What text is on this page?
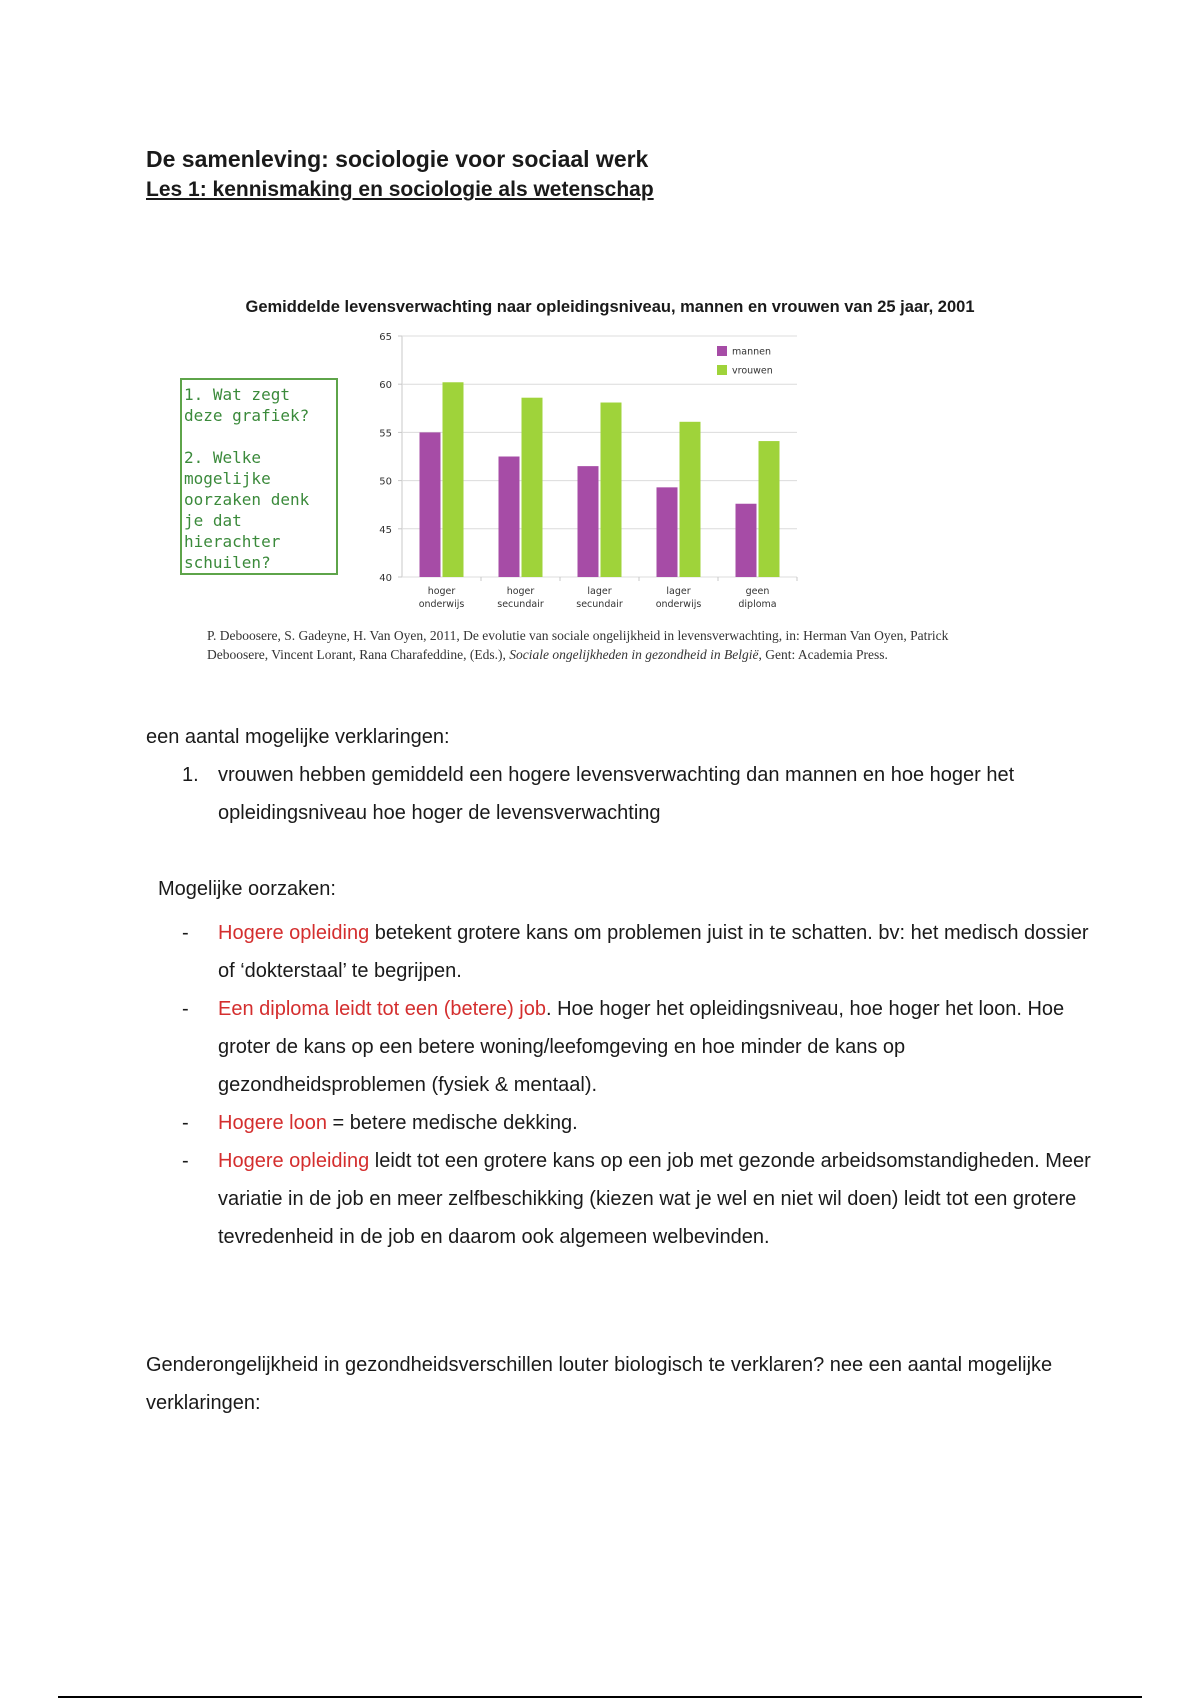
De samenleving: sociologie voor sociaal werk
Les 1: kennismaking en sociologie als wetenschap
Gemiddelde levensverwachting naar opleidingsniveau, mannen en vrouwen van 25 jaar, 2001
40
45
50
55
60
65
hoger
onderwijs
hoger
secundair
lager
secundair
lager
onderwijs
geen
diploma
mannen
vrouwen

1. Wat zegt deze grafiek?

2. Welke mogelijke oorzaken denk je dat hierachter schuilen?

P. Deboosere, S. Gadeyne, H. Van Oyen, 2011, De evolutie van sociale ongelijkheid in levensverwachting, in: Herman Van Oyen, Patrick Deboosere, Vincent Lorant, Rana Charafeddine, (Eds.), Sociale ongelijkheden in gezondheid in België, Gent: Academia Press.

een aantal mogelijke verklaringen:

1. vrouwen hebben gemiddeld een hogere levensverwachting dan mannen en hoe hoger het opleidingsniveau hoe hoger de levensverwachting

Mogelijke oorzaken:

- Hogere opleiding betekent grotere kans om problemen juist in te schatten. bv: het medisch dossier of ‘dokterstaal’ te begrijpen.

- Een diploma leidt tot een (betere) job. Hoe hoger het opleidingsniveau, hoe hoger het loon. Hoe groter de kans op een betere woning/leefomgeving en hoe minder de kans op gezondheidsproblemen (fysiek & mentaal).

- Hogere loon = betere medische dekking.

- Hogere opleiding leidt tot een grotere kans op een job met gezonde arbeidsomstandigheden. Meer variatie in de job en meer zelfbeschikking (kiezen wat je wel en niet wil doen) leidt tot een grotere tevredenheid in de job en daarom ook algemeen welbevinden.

Genderongelijkheid in gezondheidsverschillen louter biologisch te verklaren? nee een aantal mogelijke verklaringen:
